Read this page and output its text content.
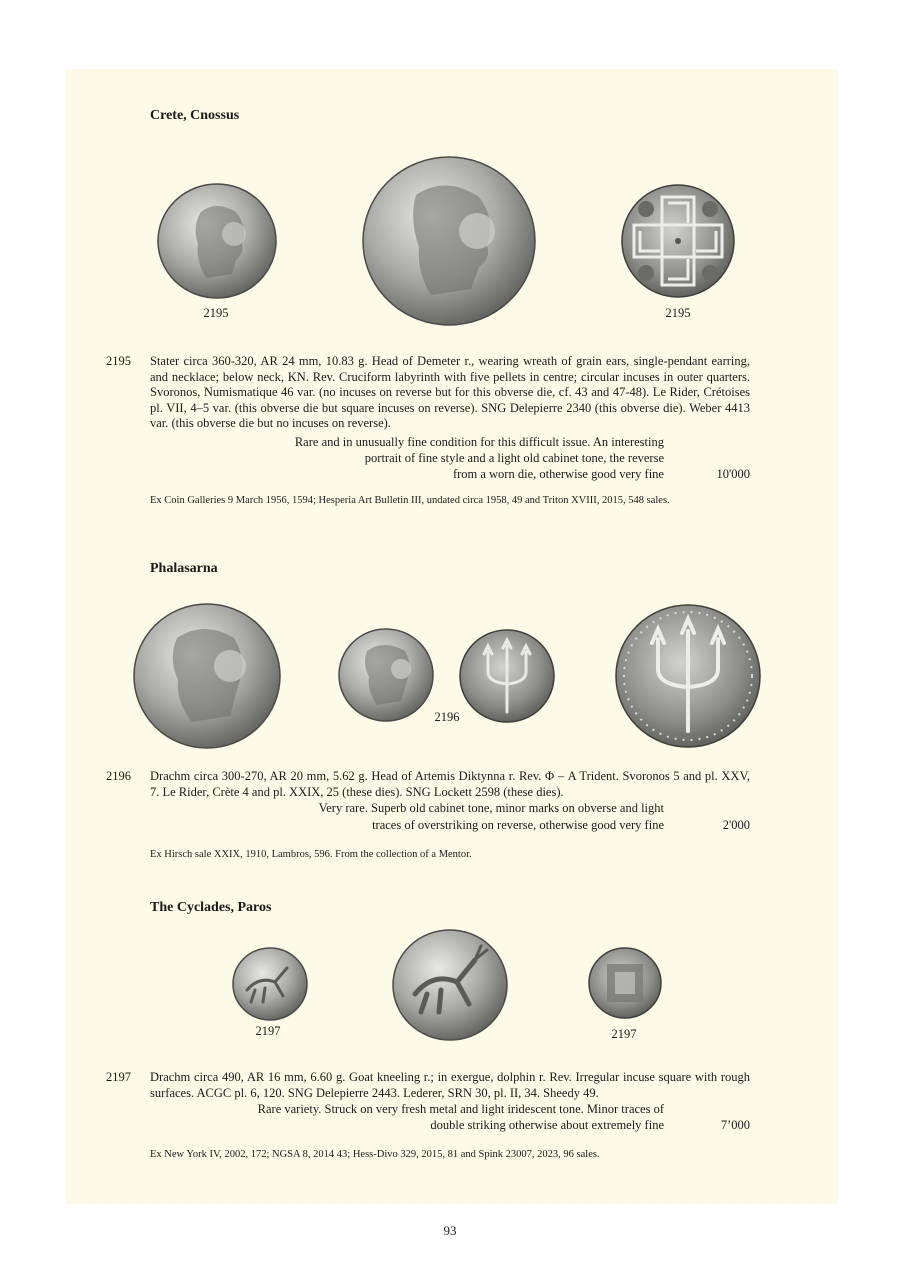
Crete, Cnossus
2195	2195
2195 Stater circa 360-320, AR 24 mm, 10.83 g. Head of Demeter r., wearing wreath of grain ears, single-pendant earring, and necklace; below neck, KN. Rev. Cruciform labyrinth with five pellets in centre; circular incuses in outer quarters. Svoronos, Numismatique 46 var. (no incuses on reverse but for this obverse die, cf. 43 and 47-48). Le Rider, Crétoises pl. VII, 4–5 var. (this obverse die but square incuses on reverse). SNG Delepierre 2340 (this obverse die). Weber 4413 var. (this obverse die but no incuses on reverse).
Rare and in unusually fine condition for this difficult issue. An interesting
portrait of fine style and a light old cabinet tone, the reverse
from a worn die, otherwise good very fine	10'000
Ex Coin Galleries 9 March 1956, 1594; Hesperia Art Bulletin III, undated circa 1958, 49 and Triton XVIII, 2015, 548 sales.
Phalasarna
2196
2196 Drachm circa 300-270, AR 20 mm, 5.62 g. Head of Artemis Diktynna r. Rev. Φ – A Trident. Svoronos 5 and pl. XXV, 7. Le Rider, Crète 4 and pl. XXIX, 25 (these dies). SNG Lockett 2598 (these dies).
Very rare. Superb old cabinet tone, minor marks on obverse and light
traces of overstriking on reverse, otherwise good very fine	2'000
Ex Hirsch sale XXIX, 1910, Lambros, 596. From the collection of a Mentor.
The Cyclades, Paros
2197	2197
2197 Drachm circa 490, AR 16 mm, 6.60 g. Goat kneeling r.; in exergue, dolphin r. Rev. Irregular incuse square with rough surfaces. ACGC pl. 6, 120. SNG Delepierre 2443. Lederer, SRN 30, pl. II, 34. Sheedy 49.
Rare variety. Struck on very fresh metal and light iridescent tone. Minor traces of
double striking otherwise about extremely fine	7’000
Ex New York IV, 2002, 172; NGSA 8, 2014 43; Hess-Divo 329, 2015, 81 and Spink 23007, 2023, 96 sales.
93
